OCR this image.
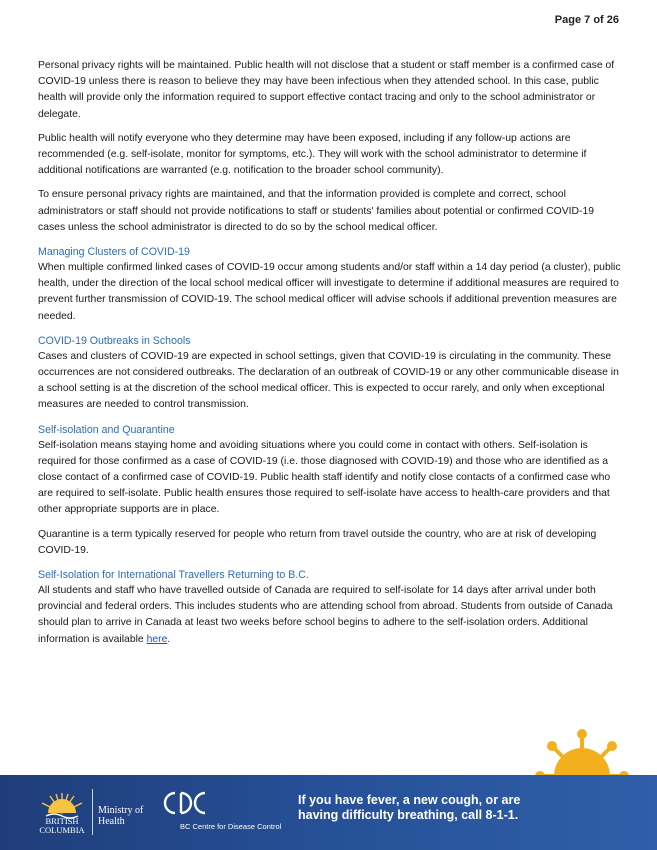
Page 7 of 26

Personal privacy rights will be maintained. Public health will not disclose that a student or staff member is a confirmed case of COVID-19 unless there is reason to believe they may have been infectious when they attended school. In this case, public health will provide only the information required to support effective contact tracing and only to the school administrator or delegate.

Public health will notify everyone who they determine may have been exposed, including if any follow-up actions are recommended (e.g. self-isolate, monitor for symptoms, etc.). They will work with the school administrator to determine if additional notifications are warranted (e.g. notification to the broader school community).

To ensure personal privacy rights are maintained, and that the information provided is complete and correct, school administrators or staff should not provide notifications to staff or students' families about potential or confirmed COVID-19 cases unless the school administrator is directed to do so by the school medical officer.

Managing Clusters of COVID-19

When multiple confirmed linked cases of COVID-19 occur among students and/or staff within a 14 day period (a cluster), public health, under the direction of the local school medical officer will investigate to determine if additional measures are required to prevent further transmission of COVID-19. The school medical officer will advise schools if additional prevention measures are needed.

COVID-19 Outbreaks in Schools

Cases and clusters of COVID-19 are expected in school settings, given that COVID-19 is circulating in the community. These occurrences are not considered outbreaks. The declaration of an outbreak of COVID-19 or any other communicable disease in a school setting is at the discretion of the school medical officer. This is expected to occur rarely, and only when exceptional measures are needed to control transmission.

Self-isolation and Quarantine

Self-isolation means staying home and avoiding situations where you could come in contact with others. Self-isolation is required for those confirmed as a case of COVID-19 (i.e. those diagnosed with COVID-19) and those who are identified as a close contact of a confirmed case of COVID-19. Public health staff identify and notify close contacts of a confirmed case who are required to self-isolate. Public health ensures those required to self-isolate have access to health-care providers and that other appropriate supports are in place.

Quarantine is a term typically reserved for people who return from travel outside the country, who are at risk of developing COVID-19.

Self-Isolation for International Travellers Returning to B.C.

All students and staff who have travelled outside of Canada are required to self-isolate for 14 days after arrival under both provincial and federal orders. This includes students who are attending school from abroad. Students from outside of Canada should plan to arrive in Canada at least two weeks before school begins to adhere to the self-isolation orders. Additional information is available here.

BRITISH
COLUMBIA
Ministry of
Health	BC Centre for Disease Control
If you have fever, a new cough, or are
having difficulty breathing, call 8-1-1.
